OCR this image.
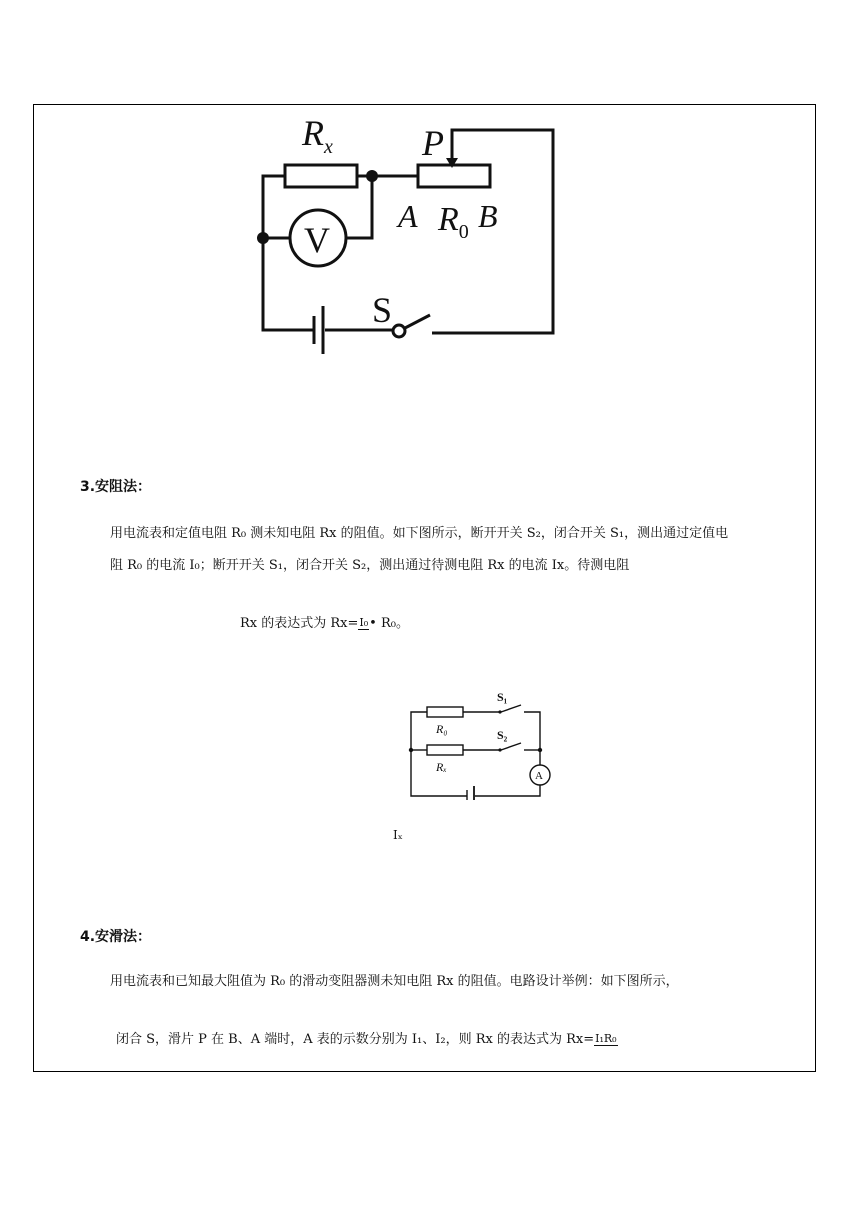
$R_x$ P
A $R_0$ B
V
S
3.安阻法：
用电流表和定值电阻 R₀ 测未知电阻 Rx 的阻值。如下图所示，断开开关 S₂，闭合开关 S₁，测出通过定值电
阻 R₀ 的电流 I₀；断开开关 S₁，闭合开关 S₂，测出通过待测电阻 Rx 的电流 Ix。待测电阻
Rx 的表达式为 Rx= I₀ • R₀。
S₁
S₂
R₀
Rₓ
A
Iₓ
4.安滑法：
用电流表和已知最大阻值为 R₀ 的滑动变阻器测未知电阻 Rx 的阻值。电路设计举例：如下图所示，
闭合 S，滑片 P 在 B、A 端时，A 表的示数分别为 I₁、I₂，则 Rx 的表达式为 Rx= I₁R₀
